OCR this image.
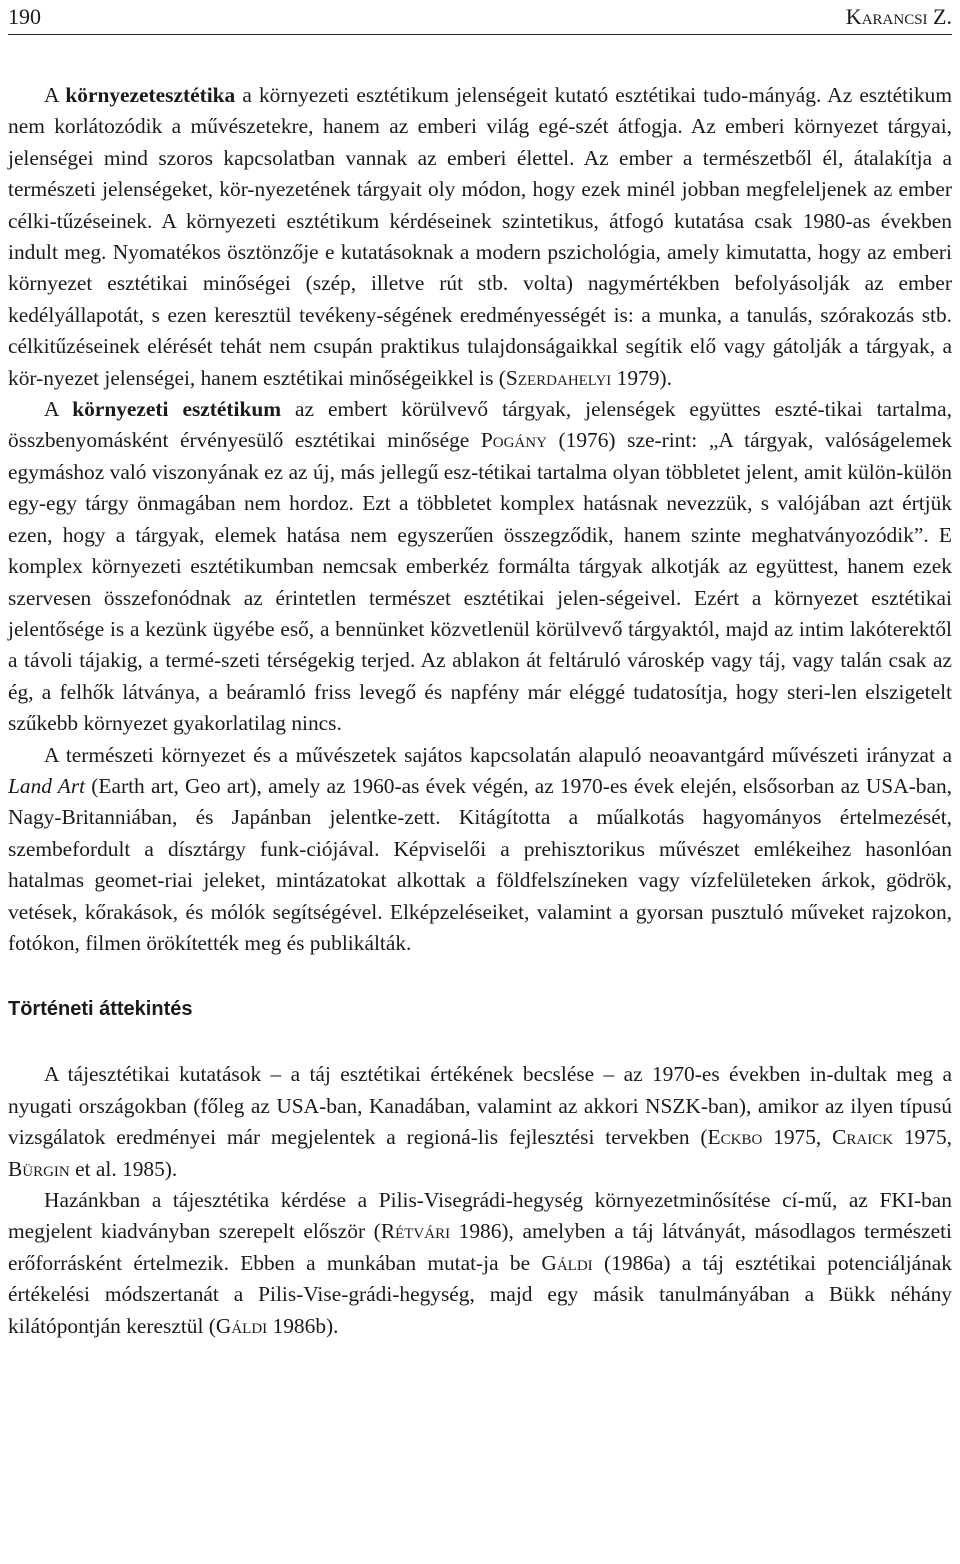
190	Karancsi Z.

A környezetesztétika a környezeti esztétikum jelenségeit kutató esztétikai tudo-mányág. Az esztétikum nem korlátozódik a művészetekre, hanem az emberi világ egé-szét átfogja. Az emberi környezet tárgyai, jelenségei mind szoros kapcsolatban vannak az emberi élettel. Az ember a természetből él, átalakítja a természeti jelenségeket, kör-nyezetének tárgyait oly módon, hogy ezek minél jobban megfeleljenek az ember célki-tűzéseinek. A környezeti esztétikum kérdéseinek szintetikus, átfogó kutatása csak 1980-as években indult meg. Nyomatékos ösztönzője e kutatásoknak a modern pszichológia, amely kimutatta, hogy az emberi környezet esztétikai minőségei (szép, illetve rút stb. volta) nagymértékben befolyásolják az ember kedélyállapotát, s ezen keresztül tevékeny-ségének eredményességét is: a munka, a tanulás, szórakozás stb. célkitűzéseinek elérését tehát nem csupán praktikus tulajdonságaikkal segítik elő vagy gátolják a tárgyak, a kör-nyezet jelenségei, hanem esztétikai minőségeikkel is (Szerdahelyi 1979).

A környezeti esztétikum az embert körülvevő tárgyak, jelenségek együttes eszté-tikai tartalma, összbenyomásként érvényesülő esztétikai minősége Pogány (1976) sze-rint: „A tárgyak, valóságelemek egymáshoz való viszonyának ez az új, más jellegű esz-tétikai tartalma olyan többletet jelent, amit külön-külön egy-egy tárgy önmagában nem hordoz. Ezt a többletet komplex hatásnak nevezzük, s valójában azt értjük ezen, hogy a tárgyak, elemek hatása nem egyszerűen összegződik, hanem szinte meghatványozódik”. E komplex környezeti esztétikumban nemcsak emberkéz formálta tárgyak alkotják az együttest, hanem ezek szervesen összefonódnak az érintetlen természet esztétikai jelen-ségeivel. Ezért a környezet esztétikai jelentősége is a kezünk ügyébe eső, a bennünket közvetlenül körülvevő tárgyaktól, majd az intim lakóterektől a távoli tájakig, a termé-szeti térségekig terjed. Az ablakon át feltáruló városkép vagy táj, vagy talán csak az ég, a felhők látványa, a beáramló friss levegő és napfény már eléggé tudatosítja, hogy steri-len elszigetelt szűkebb környezet gyakorlatilag nincs.

A természeti környezet és a művészetek sajátos kapcsolatán alapuló neoavantgárd művészeti irányzat a Land Art (Earth art, Geo art), amely az 1960-as évek végén, az 1970-es évek elején, elsősorban az USA-ban, Nagy-Britanniában, és Japánban jelentke-zett. Kitágította a műalkotás hagyományos értelmezését, szembefordult a dísztárgy funk-ciójával. Képviselői a prehisztorikus művészet emlékeihez hasonlóan hatalmas geomet-riai jeleket, mintázatokat alkottak a földfelszíneken vagy vízfelületeken árkok, gödrök, vetések, kőrakások, és mólók segítségével. Elképzeléseiket, valamint a gyorsan pusztuló műveket rajzokon, fotókon, filmen örökítették meg és publikálták.

Történeti áttekintés

A tájesztétikai kutatások – a táj esztétikai értékének becslése – az 1970-es években in-dultak meg a nyugati országokban (főleg az USA-ban, Kanadában, valamint az akkori NSZK-ban), amikor az ilyen típusú vizsgálatok eredményei már megjelentek a regioná-lis fejlesztési tervekben (Eckbo 1975, Craick 1975, Bürgin et al. 1985).

Hazánkban a tájesztétika kérdése a Pilis-Visegrádi-hegység környezetminősítése cí-mű, az FKI-ban megjelent kiadványban szerepelt először (Rétvári 1986), amelyben a táj látványát, másodlagos természeti erőforrásként értelmezik. Ebben a munkában mutat-ja be Gáldi (1986a) a táj esztétikai potenciáljának értékelési módszertanát a Pilis-Vise-grádi-hegység, majd egy másik tanulmányában a Bükk néhány kilátópontján keresztül (Gáldi 1986b).
